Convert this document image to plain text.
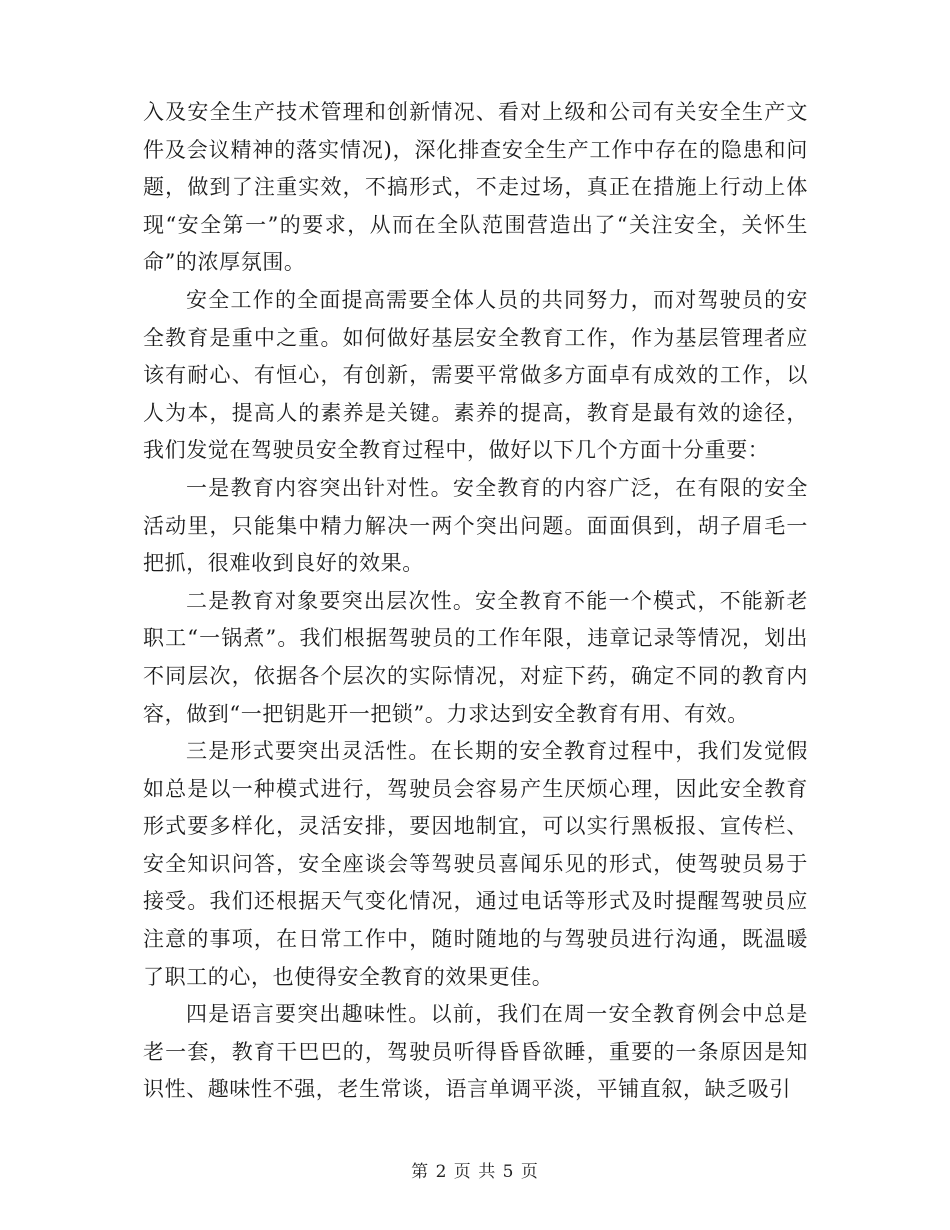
入及安全生产技术管理和创新情况、看对上级和公司有关安全生产文件及会议精神的落实情况)，深化排查安全生产工作中存在的隐患和问题，做到了注重实效，不搞形式，不走过场，真正在措施上行动上体现“安全第一”的要求，从而在全队范围营造出了“关注安全，关怀生命”的浓厚氛围。

安全工作的全面提高需要全体人员的共同努力，而对驾驶员的安全教育是重中之重。如何做好基层安全教育工作，作为基层管理者应该有耐心、有恒心，有创新，需要平常做多方面卓有成效的工作，以人为本，提高人的素养是关键。素养的提高，教育是最有效的途径，我们发觉在驾驶员安全教育过程中，做好以下几个方面十分重要：

一是教育内容突出针对性。安全教育的内容广泛，在有限的安全活动里，只能集中精力解决一两个突出问题。面面俱到，胡子眉毛一把抓，很难收到良好的效果。

二是教育对象要突出层次性。安全教育不能一个模式，不能新老职工“一锅煮”。我们根据驾驶员的工作年限，违章记录等情况，划出不同层次，依据各个层次的实际情况，对症下药，确定不同的教育内容，做到“一把钥匙开一把锁”。力求达到安全教育有用、有效。

三是形式要突出灵活性。在长期的安全教育过程中，我们发觉假如总是以一种模式进行，驾驶员会容易产生厌烦心理，因此安全教育形式要多样化，灵活安排，要因地制宜，可以实行黑板报、宣传栏、安全知识问答，安全座谈会等驾驶员喜闻乐见的形式，使驾驶员易于接受。我们还根据天气变化情况，通过电话等形式及时提醒驾驶员应注意的事项，在日常工作中，随时随地的与驾驶员进行沟通，既温暖了职工的心，也使得安全教育的效果更佳。

四是语言要突出趣味性。以前，我们在周一安全教育例会中总是老一套，教育干巴巴的，驾驶员听得昏昏欲睡，重要的一条原因是知识性、趣味性不强，老生常谈，语言单调平淡，平铺直叙，缺乏吸引

第 2 页 共 5 页
